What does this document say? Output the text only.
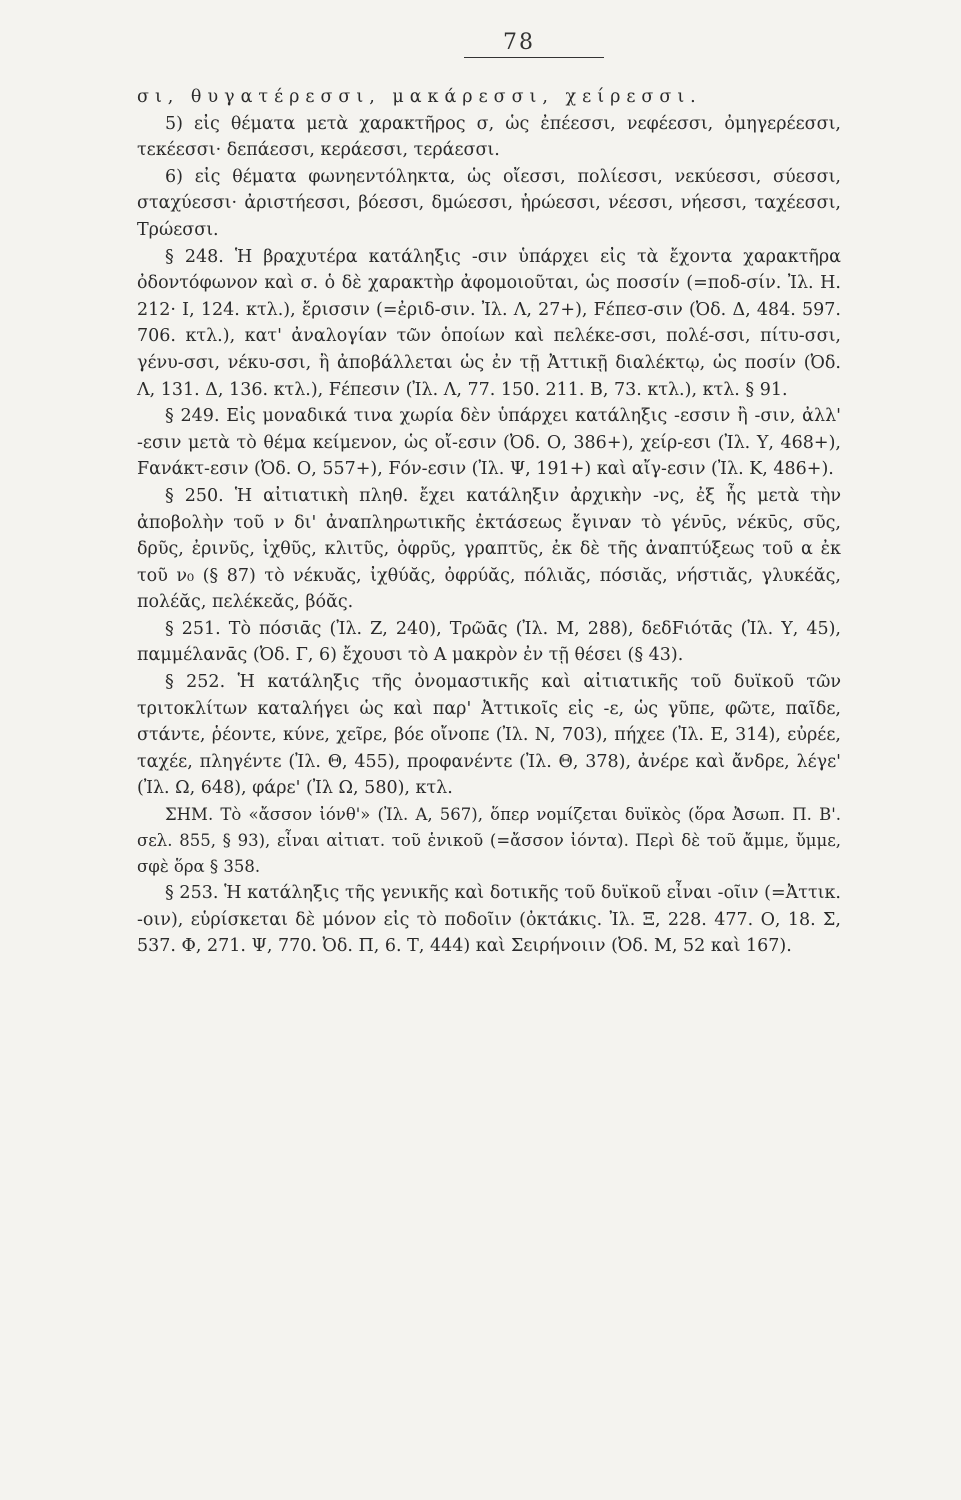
78

σι, θυγατέρεσσι, μακάρεσσι, χείρεσσι.

5) εἰς θέματα μετὰ χαρακτῆρος σ, ὡς ἐπέεσσι, νεφέεσσι, ὀμηγερέεσσι, τεκέεσσι· δεπάεσσι, κεράεσσι, τεράεσσι.

6) εἰς θέματα φωνηεντόληκτα, ὡς οἴεσσι, πολίεσσι, νεκύεσσι, σύεσσι, σταχύεσσι· ἀριστήεσσι, βόεσσι, δμώεσσι, ἡρώεσσι, νέεσσι, νήεσσι, ταχέεσσι, Τρώεσσι.

§ 248. Ἡ βραχυτέρα κατάληξις -σιν ὑπάρχει εἰς τὰ ἔχοντα χαρακτῆρα ὀδοντόφωνον καὶ σ. ὁ δὲ χαρακτὴρ ἀφομοιοῦται, ὡς ποσσίν (=ποδ-σίν. Ἰλ. Η. 212· Ι, 124. κτλ.), ἔρισσιν (=ἐριδ-σιν. Ἰλ. Λ, 27+), Fέπεσ-σιν (Ὀδ. Δ, 484. 597. 706. κτλ.), κατ' ἀναλογίαν τῶν ὁποίων καὶ πελέκε-σσι, πολέ-σσι, πίτυ-σσι, γένυ-σσι, νέκυ-σσι, ἢ ἀποβάλλεται ὡς ἐν τῇ Ἀττικῇ διαλέκτῳ, ὡς ποσίν (Ὀδ. Λ, 131. Δ, 136. κτλ.), Fέπεσιν (Ἰλ. Λ, 77. 150. 211. Β, 73. κτλ.), κτλ. § 91.

§ 249. Εἰς μοναδικά τινα χωρία δὲν ὑπάρχει κατάληξις -εσσιν ἢ -σιν, ἀλλ' -εσιν μετὰ τὸ θέμα κείμενον, ὡς οἴ-εσιν (Ὀδ. Ο, 386+), χείρ-εσι (Ἰλ. Υ, 468+), Fανάκτ-εσιν (Ὀδ. Ο, 557+), Fόν-εσιν (Ἰλ. Ψ, 191+) καὶ αἴγ-εσιν (Ἰλ. Κ, 486+).

§ 250. Ἡ αἰτιατικὴ πληθ. ἔχει κατάληξιν ἀρχικὴν -νς, ἐξ ἧς μετὰ τὴν ἀποβολὴν τοῦ ν δι' ἀναπληρωτικῆς ἐκτάσεως ἔγιναν τὸ γένῡς, νέκῡς, σῦς, δρῦς, ἐρινῦς, ἰχθῦς, κλιτῦς, ὀφρῦς, γραπτῦς, ἐκ δὲ τῆς ἀναπτύξεως τοῦ α ἐκ τοῦ ν₀ (§ 87) τὸ νέκυᾰς, ἰχθύᾰς, ὀφρύᾰς, πόλιᾰς, πόσιᾰς, νήστιᾰς, γλυκέᾰς, πολέᾰς, πελέκεᾰς, βόᾰς.

§ 251. Τὸ πόσιᾱς (Ἰλ. Ζ, 240), Τρῶᾱς (Ἰλ. Μ, 288), δεδFιότᾱς (Ἰλ. Υ, 45), παμμέλανᾱς (Ὀδ. Γ, 6) ἔχουσι τὸ Α μακρὸν ἐν τῇ θέσει (§ 43).

§ 252. Ἡ κατάληξις τῆς ὀνομαστικῆς καὶ αἰτιατικῆς τοῦ δυϊκοῦ τῶν τριτοκλίτων καταλήγει ὡς καὶ παρ' Ἀττικοῖς εἰς -ε, ὡς γῦπε, φῶτε, παῖδε, στάντε, ῥέοντε, κύνε, χεῖρε, βόε οἴνοπε (Ἰλ. Ν, 703), πήχεε (Ἰλ. Ε, 314), εὐρέε, ταχέε, πληγέντε (Ἰλ. Θ, 455), προφανέντε (Ἰλ. Θ, 378), ἀνέρε καὶ ἄνδρε, λέγε' (Ἰλ. Ω, 648), φάρε' (Ἰλ Ω, 580), κτλ.

ΣΗΜ. Τὸ «ἄσσον ἰόνθ'» (Ἰλ. Α, 567), ὅπερ νομίζεται δυϊκὸς (ὅρα Ἀσωπ. Π. Β'. σελ. 855, § 93), εἶναι αἰτιατ. τοῦ ἑνικοῦ (=ἄσσον ἰόντα). Περὶ δὲ τοῦ ἄμμε, ὔμμε, σφὲ ὅρα § 358.

§ 253. Ἡ κατάληξις τῆς γενικῆς καὶ δοτικῆς τοῦ δυϊκοῦ εἶναι -οῖιν (=Ἀττικ. -οιν), εὑρίσκεται δὲ μόνον εἰς τὸ ποδοῖιν (ὀκτάκις. Ἰλ. Ξ, 228. 477. Ο, 18. Σ, 537. Φ, 271. Ψ, 770. Ὀδ. Π, 6. Τ, 444) καὶ Σειρήνοιιν (Ὀδ. Μ, 52 καὶ 167).
